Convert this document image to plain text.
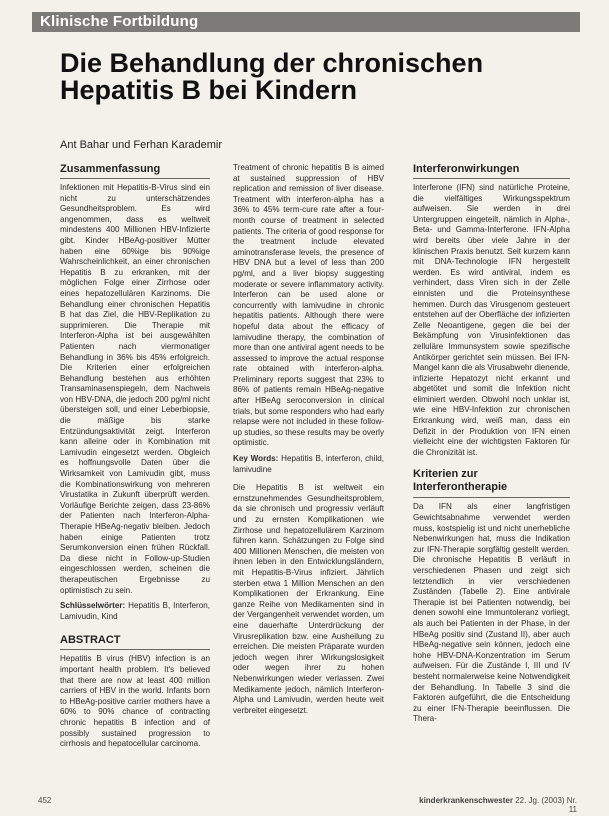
Klinische Fortbildung
Die Behandlung der chronischen
Hepatitis B bei Kindern
Ant Bahar und Ferhan Karademir
Zusammenfassung

Infektionen mit Hepatitis-B-Virus sind ein nicht zu unterschätzendes Gesundheitsproblem. Es wird angenommen, dass es weltweit mindestens 400 Millionen HBV-Infizierte gibt. Kinder HBeAg-positiver Mütter haben eine 60%ige bis 90%ige Wahrscheinlichkeit, an einer chronischen Hepatitis B zu erkranken, mit der möglichen Folge einer Zirrhose oder eines hepatozellulären Karzinoms. Die Behandlung einer chronischen Hepatitis B hat das Ziel, die HBV-Replikation zu supprimieren. Die Therapie mit Interferon-Alpha ist bei ausgewählten Patienten nach viermonatiger Behandlung in 36% bis 45% erfolgreich. Die Kriterien einer erfolgreichen Behandlung bestehen aus erhöhten Transaminasenspiegeln, dem Nachweis von HBV-DNA, die jedoch 200 pg/ml nicht übersteigen soll, und einer Leberbiopsie, die mäßige bis starke Entzündungsaktivität zeigt. Interferon kann alleine oder in Kombination mit Lamivudin eingesetzt werden. Obgleich es hoffnungsvolle Daten über die Wirksamkeit von Lamivudin gibt, muss die Kombinationswirkung von mehreren Virustatika in Zukunft überprüft werden. Vorläufige Berichte zeigen, dass 23-86% der Patienten nach Interferon-Alpha-Therapie HBeAg-negativ bleiben. Jedoch haben einige Patienten trotz Serumkonversion einen frühen Rückfall. Da diese nicht in Follow-up-Studien eingeschlossen werden, scheinen die therapeutischen Ergebnisse zu optimistisch zu sein.

Schlüsselwörter: Hepatitis B, Interferon, Lamivudin, Kind

ABSTRACT

Hepatitis B virus (HBV) infection is an important health problem. It's believed that there are now at least 400 million carriers of HBV in the world. Infants born to HBeAg-positive carrier mothers have a 60% to 90% chance of contracting chronic hepatitis B infection and of possibly sustained progression to cirrhosis and hepatocellular carcinoma.

Treatment of chronic hepatitis B is aimed at sustained suppression of HBV replication and remission of liver disease. Treatment with interferon-alpha has a 36% to 45% term-cure rate after a four-month course of treatment in selected patients. The criteria of good response for the treatment include elevated aminotransferase levels, the presence of HBV DNA but a level of less than 200 pg/ml, and a liver biopsy suggesting moderate or severe inflammatory activity. Interferon can be used alone or concurrently with lamivudine in chronic hepatitis patients. Although there were hopeful data about the efficacy of lamivudine therapy, the combination of more than one antiviral agent needs to be assessed to improve the actual response rate obtained with interferon-alpha. Preliminary reports suggest that 23% to 86% of patients remain HBeAg-negative after HBeAg seroconversion in clinical trials, but some responders who had early relapse were not included in these follow-up studies, so these results may be overly optimistic.

Key Words: Hepatitis B, interferon, child, lamivudine

Die Hepatitis B ist weltweit ein ernstzunehmendes Gesundheitsproblem, da sie chronisch und progressiv verläuft und zu ernsten Komplikationen wie Zirrhose und hepatozellulärem Karzinom führen kann. Schätzungen zu Folge sind 400 Millionen Menschen, die meisten von ihnen leben in den Entwicklungsländern, mit Hepatitis-B-Virus infiziert. Jährlich sterben etwa 1 Million Menschen an den Komplikationen der Erkrankung. Eine ganze Reihe von Medikamenten sind in der Vergangenheit verwendet worden, um eine dauerhafte Unterdrückung der Virusreplikation bzw. eine Ausheilung zu erreichen. Die meisten Präparate wurden jedoch wegen ihrer Wirkungslosigkeit oder wegen ihrer zu hohen Nebenwirkungen wieder verlassen. Zwei Medikamente jedoch, nämlich Interferon-Alpha und Lamivudin, werden heute weit verbreitet eingesetzt.

Interferonwirkungen

Interferone (IFN) sind natürliche Proteine, die vielfältiges Wirkungsspektrum aufweisen. Sie werden in drei Untergruppen eingeteilt, nämlich in Alpha-, Beta- und Gamma-Interferone. IFN-Alpha wird bereits über viele Jahre in der klinischen Praxis benutzt. Seit kurzem kann mit DNA-Technologie IFN hergestellt werden. Es wird antiviral, indem es verhindert, dass Viren sich in der Zelle einnisten und die Proteinsynthese hemmen. Durch das Virusgenom gesteuert entstehen auf der Oberfläche der infizierten Zelle Neoantigene, gegen die bei der Bekämpfung von Virusinfektionen das zelluläre Immunsystem sowie spezifische Antikörper gerichtet sein müssen. Bei IFN-Mangel kann die als Virusabwehr dienende, infizierte Hepatozyt nicht erkannt und abgetötet und somit die Infektion nicht eliminiert werden. Obwohl noch unklar ist, wie eine HBV-Infektion zur chronischen Erkrankung wird, weiß man, dass ein Defizit in der Produktion von IFN einen vielleicht eine der wichtigsten Faktoren für die Chronizität ist.

Kriterien zur Interferontherapie

Da IFN als einer langfristigen Gewichtsabnahme verwendet werden muss, kostspielig ist und nicht unerhebliche Nebenwirkungen hat, muss die Indikation zur IFN-Therapie sorgfältig gestellt werden. Die chronische Hepatitis B verläuft in verschiedenen Phasen und zeigt sich letztendlich in vier verschiedenen Zuständen (Tabelle 2). Eine antivirale Therapie ist bei Patienten notwendig, bei denen sowohl eine Immuntoleranz vorliegt, als auch bei Patienten in der Phase, in der HBeAg positiv sind (Zustand II), aber auch HBeAg-negative sein können, jedoch eine hohe HBV-DNA-Konzentration im Serum aufweisen. Für die Zustände I, III und IV besteht normalerweise keine Notwendigkeit der Behandlung. In Tabelle 3 sind die Faktoren aufgeführt, die die Entscheidung zu einer IFN-Therapie beeinflussen. Die Thera-

452	kinderkrankenschwester 22. Jg. (2003) Nr. 11
